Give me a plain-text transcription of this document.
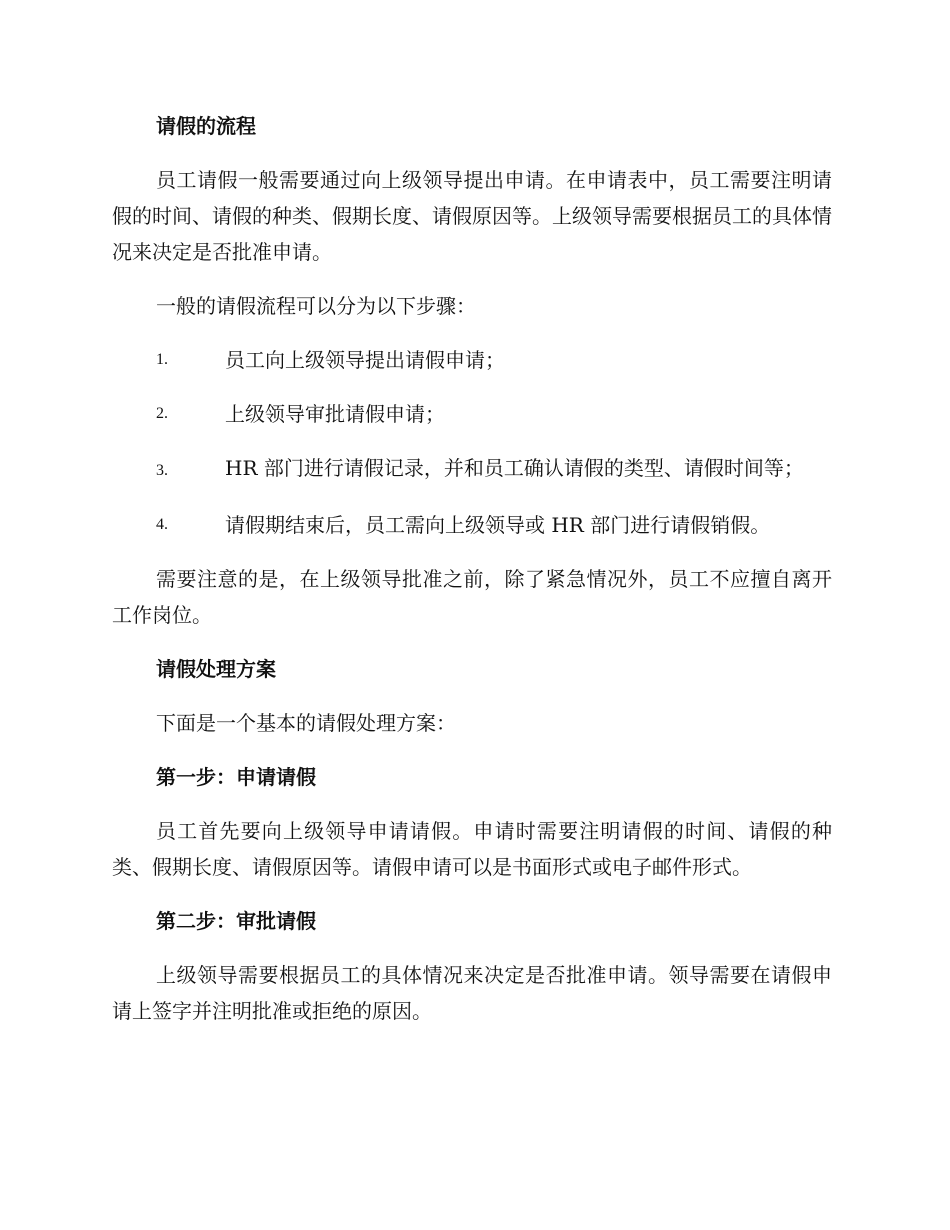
请假的流程
员工请假一般需要通过向上级领导提出申请。在申请表中，员工需要注明请假的时间、请假的种类、假期长度、请假原因等。上级领导需要根据员工的具体情况来决定是否批准申请。
一般的请假流程可以分为以下步骤：
1.	员工向上级领导提出请假申请；
2.	上级领导审批请假申请；
3.	HR 部门进行请假记录，并和员工确认请假的类型、请假时间等；
4.	请假期结束后，员工需向上级领导或 HR 部门进行请假销假。
需要注意的是，在上级领导批准之前，除了紧急情况外，员工不应擅自离开工作岗位。
请假处理方案
下面是一个基本的请假处理方案：
第一步：申请请假
员工首先要向上级领导申请请假。申请时需要注明请假的时间、请假的种类、假期长度、请假原因等。请假申请可以是书面形式或电子邮件形式。
第二步：审批请假
上级领导需要根据员工的具体情况来决定是否批准申请。领导需要在请假申请上签字并注明批准或拒绝的原因。
